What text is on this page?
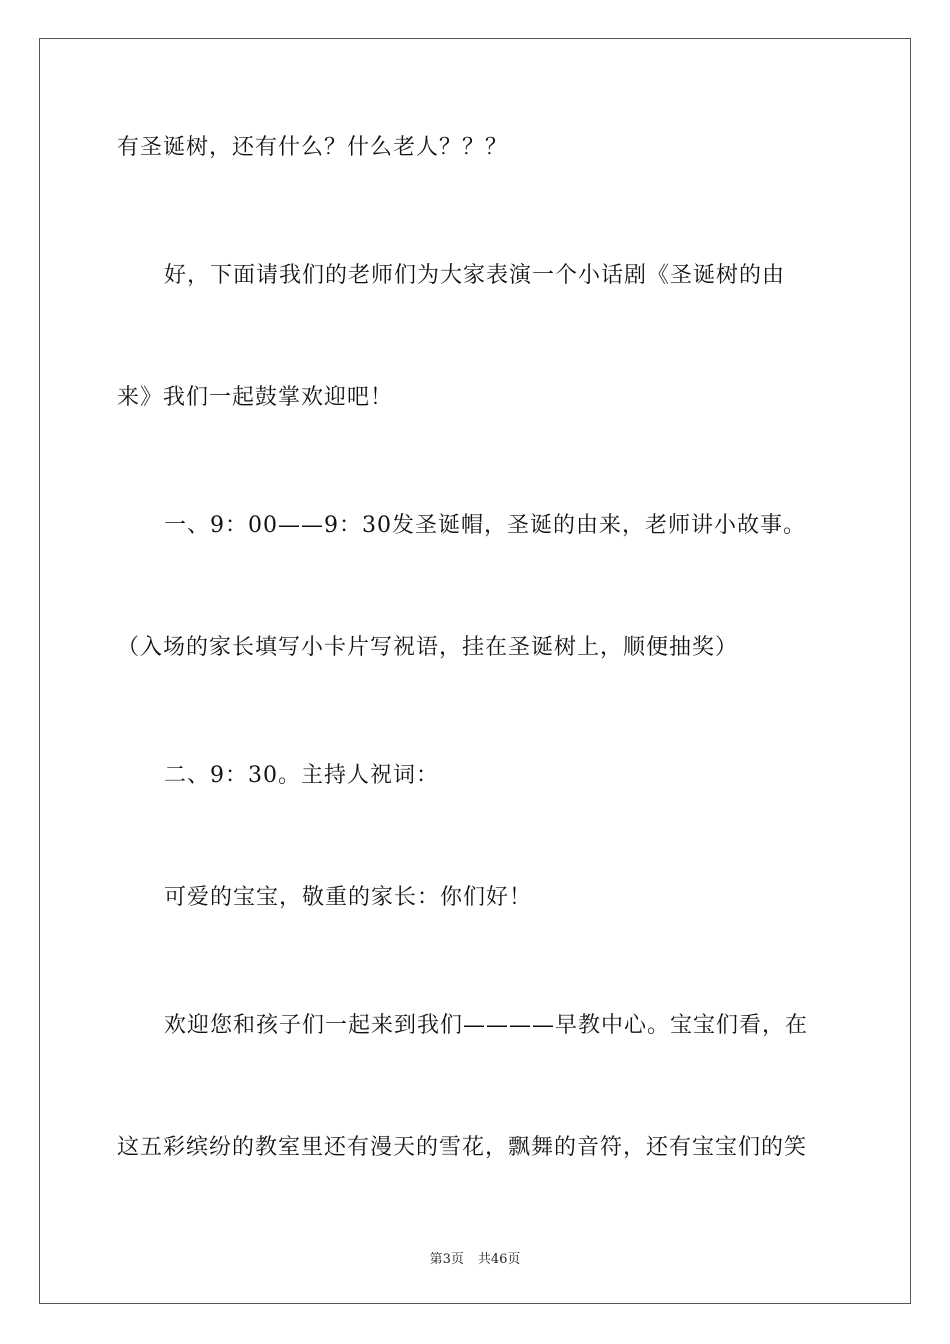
有圣诞树，还有什么？什么老人？？？
好，下面请我们的老师们为大家表演一个小话剧《圣诞树的由
来》我们一起鼓掌欢迎吧！
一、9：00——9：30发圣诞帽，圣诞的由来，老师讲小故事。
（入场的家长填写小卡片写祝语，挂在圣诞树上，顺便抽奖）
二、9：30。主持人祝词：
可爱的宝宝，敬重的家长：你们好！
欢迎您和孩子们一起来到我们————早教中心。宝宝们看，在
这五彩缤纷的教室里还有漫天的雪花，飘舞的音符，还有宝宝们的笑
第3页 共46页
